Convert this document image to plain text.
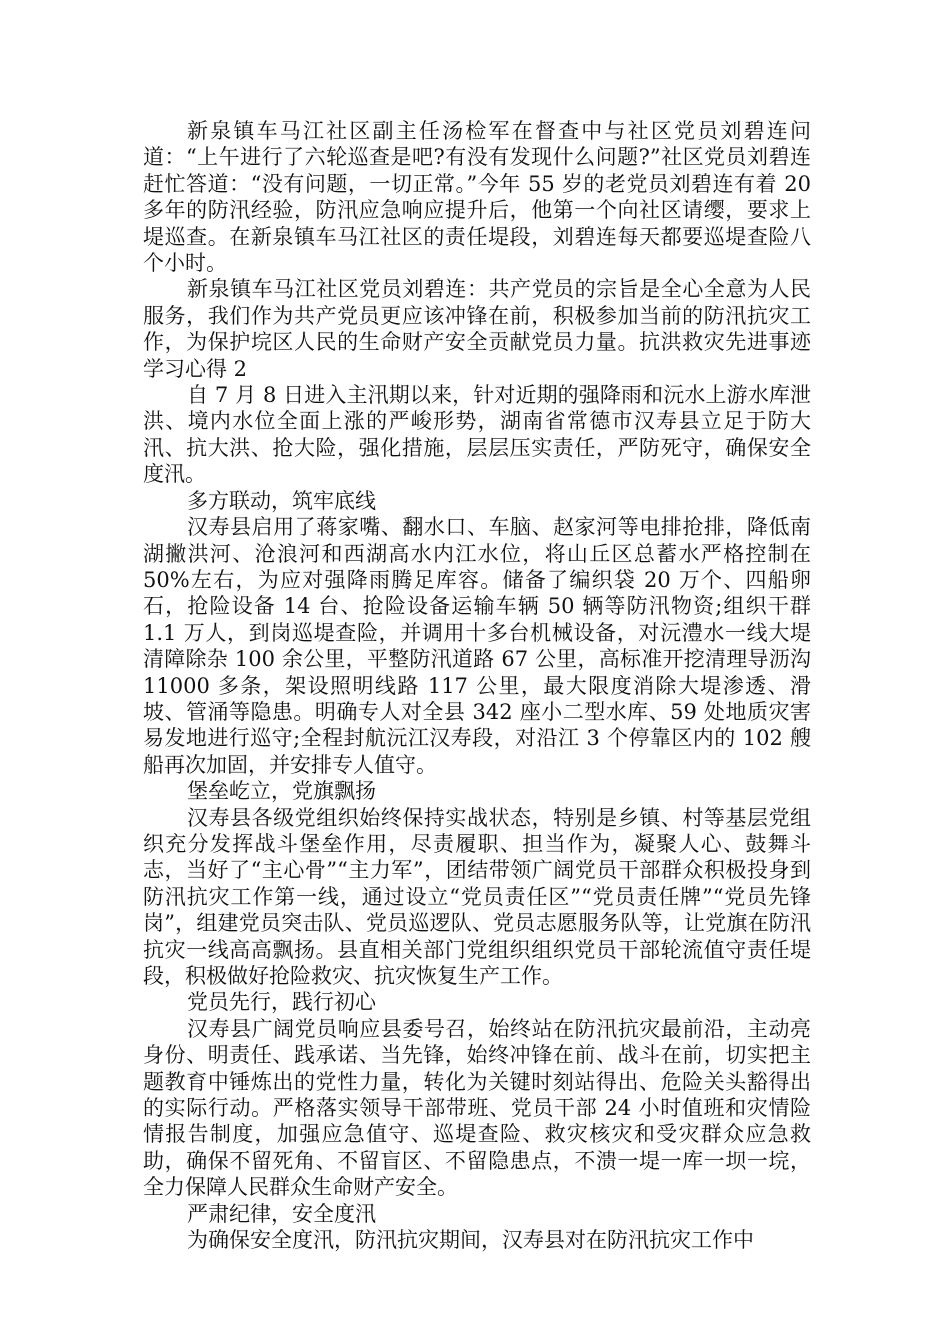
新泉镇车马江社区副主任汤检军在督查中与社区党员刘碧连问道：“上午进行了六轮巡查是吧?有没有发现什么问题?”社区党员刘碧连赶忙答道：“没有问题，一切正常。”今年 55 岁的老党员刘碧连有着 20 多年的防汛经验，防汛应急响应提升后，他第一个向社区请缨，要求上堤巡查。在新泉镇车马江社区的责任堤段，刘碧连每天都要巡堤查险八个小时。

新泉镇车马江社区党员刘碧连：共产党员的宗旨是全心全意为人民服务，我们作为共产党员更应该冲锋在前，积极参加当前的防汛抗灾工作，为保护垸区人民的生命财产安全贡献党员力量。抗洪救灾先进事迹学习心得 2

自 7 月 8 日进入主汛期以来，针对近期的强降雨和沅水上游水库泄洪、境内水位全面上涨的严峻形势，湖南省常德市汉寿县立足于防大汛、抗大洪、抢大险，强化措施，层层压实责任，严防死守，确保安全度汛。

多方联动，筑牢底线

汉寿县启用了蒋家嘴、翻水口、车脑、赵家河等电排抢排，降低南湖撇洪河、沧浪河和西湖高水内江水位，将山丘区总蓄水严格控制在 50%左右，为应对强降雨腾足库容。储备了编织袋 20 万个、四船卵石，抢险设备 14 台、抢险设备运输车辆 50 辆等防汛物资;组织干群 1.1 万人，到岗巡堤查险，并调用十多台机械设备，对沅澧水一线大堤清障除杂 100 余公里，平整防汛道路 67 公里，高标准开挖清理导沥沟 11000 多条，架设照明线路 117 公里，最大限度消除大堤渗透、滑坡、管涌等隐患。明确专人对全县 342 座小二型水库、59 处地质灾害易发地进行巡守;全程封航沅江汉寿段，对沿江 3 个停靠区内的 102 艘船再次加固，并安排专人值守。

堡垒屹立，党旗飘扬

汉寿县各级党组织始终保持实战状态，特别是乡镇、村等基层党组织充分发挥战斗堡垒作用，尽责履职、担当作为，凝聚人心、鼓舞斗志，当好了“主心骨”“主力军”，团结带领广阔党员干部群众积极投身到防汛抗灾工作第一线，通过设立“党员责任区”“党员责任牌”“党员先锋岗”，组建党员突击队、党员巡逻队、党员志愿服务队等，让党旗在防汛抗灾一线高高飘扬。县直相关部门党组织组织党员干部轮流值守责任堤段，积极做好抢险救灾、抗灾恢复生产工作。

党员先行，践行初心

汉寿县广阔党员响应县委号召，始终站在防汛抗灾最前沿，主动亮身份、明责任、践承诺、当先锋，始终冲锋在前、战斗在前，切实把主题教育中锤炼出的党性力量，转化为关键时刻站得出、危险关头豁得出的实际行动。严格落实领导干部带班、党员干部 24 小时值班和灾情险情报告制度，加强应急值守、巡堤查险、救灾核灾和受灾群众应急救助，确保不留死角、不留盲区、不留隐患点，不溃一堤一库一坝一垸，全力保障人民群众生命财产安全。

严肃纪律，安全度汛

为确保安全度汛，防汛抗灾期间，汉寿县对在防汛抗灾工作中
